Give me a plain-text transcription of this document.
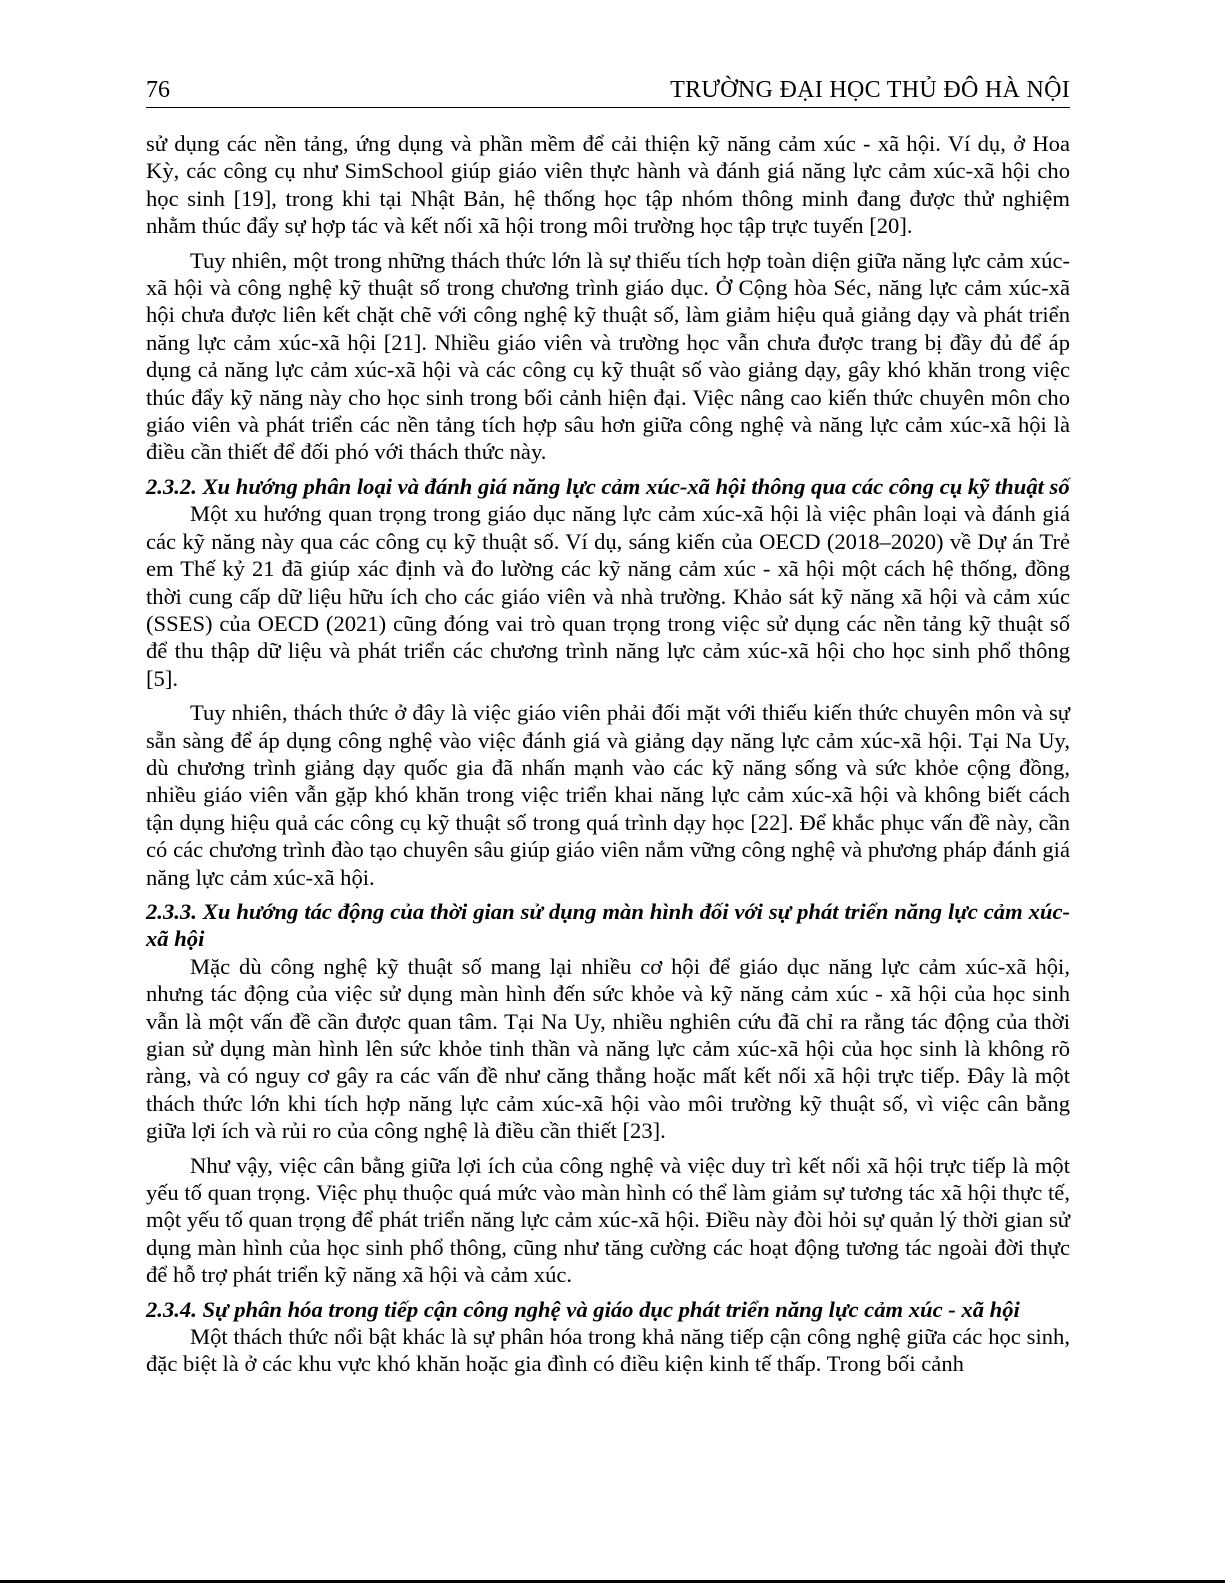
76	TRƯỜNG ĐẠI HỌC THỦ ĐÔ HÀ NỘI

sử dụng các nền tảng, ứng dụng và phần mềm để cải thiện kỹ năng cảm xúc - xã hội. Ví dụ, ở Hoa Kỳ, các công cụ như SimSchool giúp giáo viên thực hành và đánh giá năng lực cảm xúc-xã hội cho học sinh [19], trong khi tại Nhật Bản, hệ thống học tập nhóm thông minh đang được thử nghiệm nhằm thúc đẩy sự hợp tác và kết nối xã hội trong môi trường học tập trực tuyến [20].

Tuy nhiên, một trong những thách thức lớn là sự thiếu tích hợp toàn diện giữa năng lực cảm xúc-xã hội và công nghệ kỹ thuật số trong chương trình giáo dục. Ở Cộng hòa Séc, năng lực cảm xúc-xã hội chưa được liên kết chặt chẽ với công nghệ kỹ thuật số, làm giảm hiệu quả giảng dạy và phát triển năng lực cảm xúc-xã hội [21]. Nhiều giáo viên và trường học vẫn chưa được trang bị đầy đủ để áp dụng cả năng lực cảm xúc-xã hội và các công cụ kỹ thuật số vào giảng dạy, gây khó khăn trong việc thúc đẩy kỹ năng này cho học sinh trong bối cảnh hiện đại. Việc nâng cao kiến thức chuyên môn cho giáo viên và phát triển các nền tảng tích hợp sâu hơn giữa công nghệ và năng lực cảm xúc-xã hội là điều cần thiết để đối phó với thách thức này.

2.3.2. Xu hướng phân loại và đánh giá năng lực cảm xúc-xã hội thông qua các công cụ kỹ thuật số

Một xu hướng quan trọng trong giáo dục năng lực cảm xúc-xã hội là việc phân loại và đánh giá các kỹ năng này qua các công cụ kỹ thuật số. Ví dụ, sáng kiến của OECD (2018–2020) về Dự án Trẻ em Thế kỷ 21 đã giúp xác định và đo lường các kỹ năng cảm xúc - xã hội một cách hệ thống, đồng thời cung cấp dữ liệu hữu ích cho các giáo viên và nhà trường. Khảo sát kỹ năng xã hội và cảm xúc (SSES) của OECD (2021) cũng đóng vai trò quan trọng trong việc sử dụng các nền tảng kỹ thuật số để thu thập dữ liệu và phát triển các chương trình năng lực cảm xúc-xã hội cho học sinh phổ thông [5].

Tuy nhiên, thách thức ở đây là việc giáo viên phải đối mặt với thiếu kiến thức chuyên môn và sự sẵn sàng để áp dụng công nghệ vào việc đánh giá và giảng dạy năng lực cảm xúc-xã hội. Tại Na Uy, dù chương trình giảng dạy quốc gia đã nhấn mạnh vào các kỹ năng sống và sức khỏe cộng đồng, nhiều giáo viên vẫn gặp khó khăn trong việc triển khai năng lực cảm xúc-xã hội và không biết cách tận dụng hiệu quả các công cụ kỹ thuật số trong quá trình dạy học [22]. Để khắc phục vấn đề này, cần có các chương trình đào tạo chuyên sâu giúp giáo viên nắm vững công nghệ và phương pháp đánh giá năng lực cảm xúc-xã hội.

2.3.3. Xu hướng tác động của thời gian sử dụng màn hình đối với sự phát triển năng lực cảm xúc-xã hội

Mặc dù công nghệ kỹ thuật số mang lại nhiều cơ hội để giáo dục năng lực cảm xúc-xã hội, nhưng tác động của việc sử dụng màn hình đến sức khỏe và kỹ năng cảm xúc - xã hội của học sinh vẫn là một vấn đề cần được quan tâm. Tại Na Uy, nhiều nghiên cứu đã chỉ ra rằng tác động của thời gian sử dụng màn hình lên sức khỏe tinh thần và năng lực cảm xúc-xã hội của học sinh là không rõ ràng, và có nguy cơ gây ra các vấn đề như căng thẳng hoặc mất kết nối xã hội trực tiếp. Đây là một thách thức lớn khi tích hợp năng lực cảm xúc-xã hội vào môi trường kỹ thuật số, vì việc cân bằng giữa lợi ích và rủi ro của công nghệ là điều cần thiết [23].

Như vậy, việc cân bằng giữa lợi ích của công nghệ và việc duy trì kết nối xã hội trực tiếp là một yếu tố quan trọng. Việc phụ thuộc quá mức vào màn hình có thể làm giảm sự tương tác xã hội thực tế, một yếu tố quan trọng để phát triển năng lực cảm xúc-xã hội. Điều này đòi hỏi sự quản lý thời gian sử dụng màn hình của học sinh phổ thông, cũng như tăng cường các hoạt động tương tác ngoài đời thực để hỗ trợ phát triển kỹ năng xã hội và cảm xúc.

2.3.4. Sự phân hóa trong tiếp cận công nghệ và giáo dục phát triển năng lực cảm xúc - xã hội

Một thách thức nổi bật khác là sự phân hóa trong khả năng tiếp cận công nghệ giữa các học sinh, đặc biệt là ở các khu vực khó khăn hoặc gia đình có điều kiện kinh tế thấp. Trong bối cảnh
